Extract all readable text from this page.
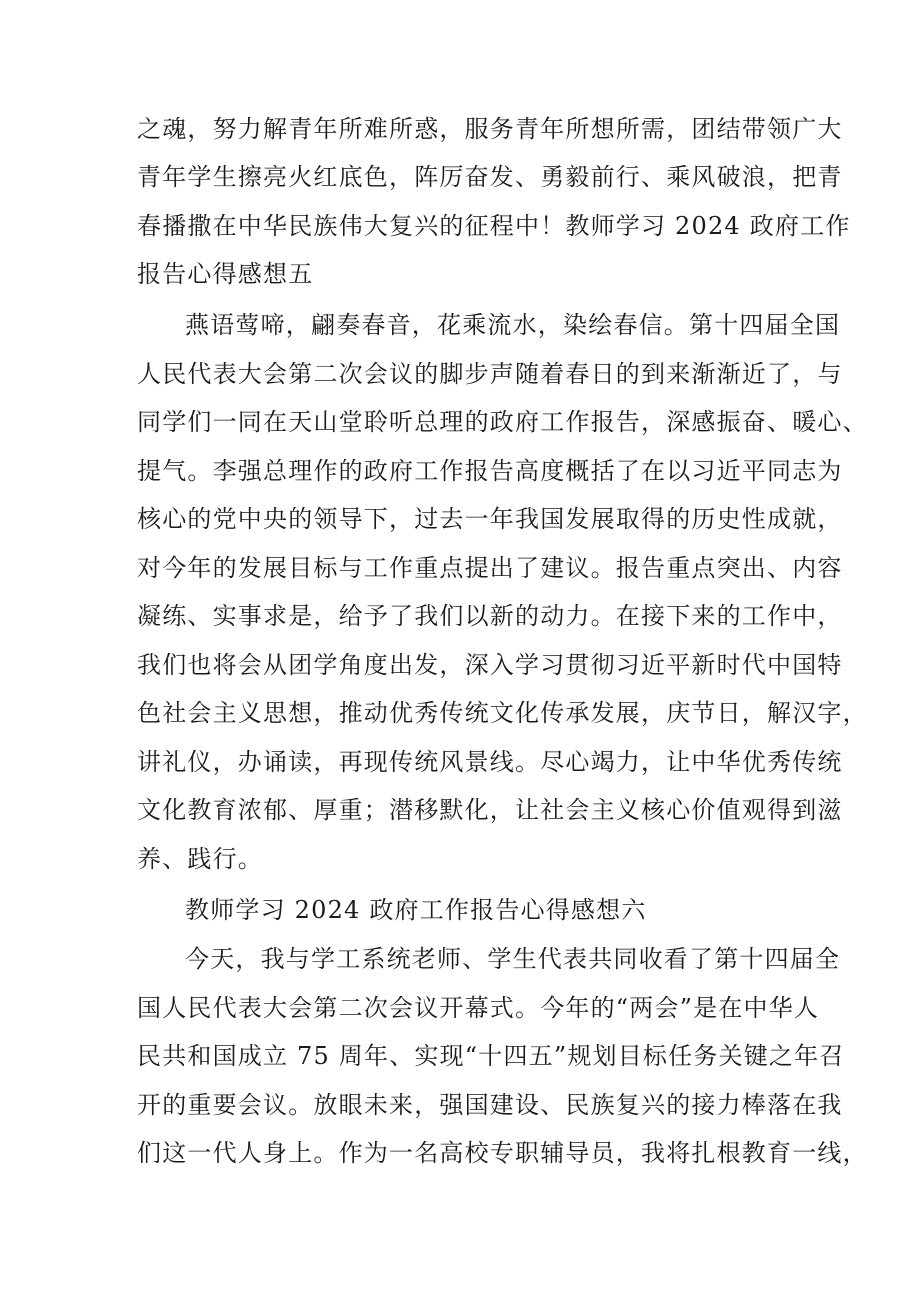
之魂，努力解青年所难所惑，服务青年所想所需，团结带领广大
青年学生擦亮火红底色，阵厉奋发、勇毅前行、乘风破浪，把青
春播撒在中华民族伟大复兴的征程中！教师学习 2024 政府工作
报告心得感想五
燕语莺啼，翩奏春音，花乘流水，染绘春信。第十四届全国
人民代表大会第二次会议的脚步声随着春日的到来渐渐近了，与
同学们一同在天山堂聆听总理的政府工作报告，深感振奋、暖心、
提气。李强总理作的政府工作报告高度概括了在以习近平同志为
核心的党中央的领导下，过去一年我国发展取得的历史性成就，
对今年的发展目标与工作重点提出了建议。报告重点突出、内容
凝练、实事求是，给予了我们以新的动力。在接下来的工作中，
我们也将会从团学角度出发，深入学习贯彻习近平新时代中国特
色社会主义思想，推动优秀传统文化传承发展，庆节日，解汉字，
讲礼仪，办诵读，再现传统风景线。尽心竭力，让中华优秀传统
文化教育浓郁、厚重；潜移默化，让社会主义核心价值观得到滋
养、践行。
教师学习 2024 政府工作报告心得感想六
今天，我与学工系统老师、学生代表共同收看了第十四届全
国人民代表大会第二次会议开幕式。今年的“两会”是在中华人
民共和国成立 75 周年、实现“十四五”规划目标任务关键之年召
开的重要会议。放眼未来，强国建设、民族复兴的接力棒落在我
们这一代人身上。作为一名高校专职辅导员，我将扎根教育一线，
